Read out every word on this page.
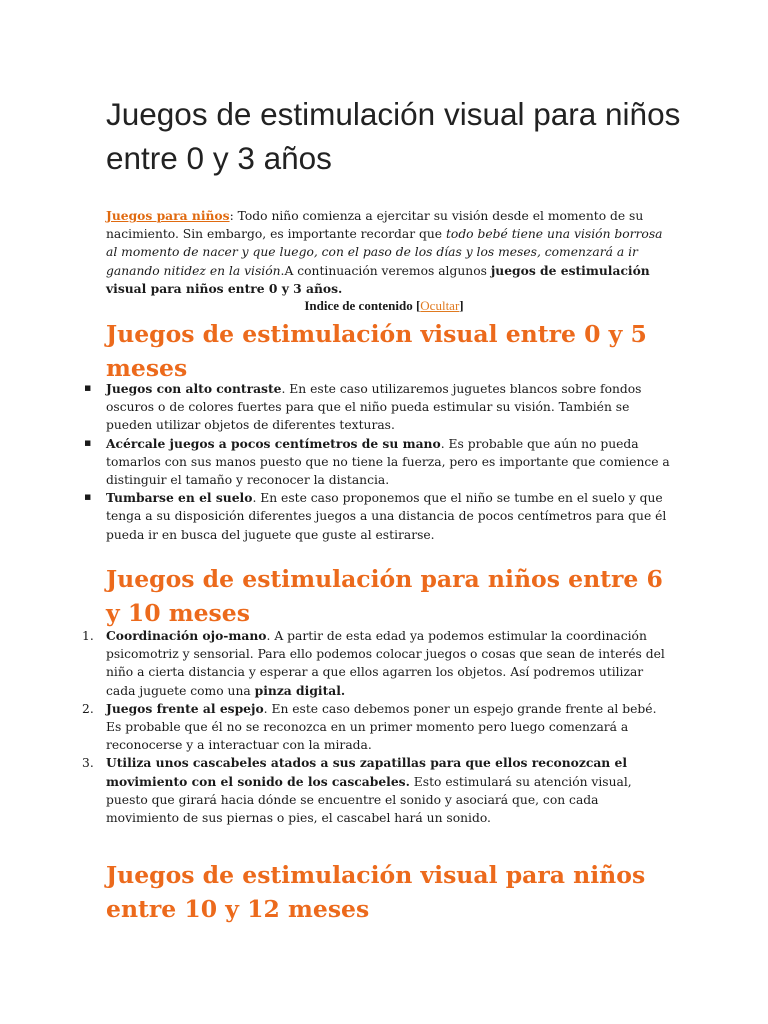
Juegos de estimulación visual para niños entre 0 y 3 años

Juegos para niños: Todo niño comienza a ejercitar su visión desde el momento de su nacimiento. Sin embargo, es importante recordar que todo bebé tiene una visión borrosa al momento de nacer y que luego, con el paso de los días y los meses, comenzará a ir ganando nitidez en la visión.A continuación veremos algunos juegos de estimulación visual para niños entre 0 y 3 años.

Indice de contenido [Ocultar]

Juegos de estimulación visual entre 0 y 5 meses
▪ Juegos con alto contraste. En este caso utilizaremos juguetes blancos sobre fondos oscuros o de colores fuertes para que el niño pueda estimular su visión. También se pueden utilizar objetos de diferentes texturas.
▪ Acércale juegos a pocos centímetros de su mano. Es probable que aún no pueda tomarlos con sus manos puesto que no tiene la fuerza, pero es importante que comience a distinguir el tamaño y reconocer la distancia.
▪ Tumbarse en el suelo. En este caso proponemos que el niño se tumbe en el suelo y que tenga a su disposición diferentes juegos a una distancia de pocos centímetros para que él pueda ir en busca del juguete que guste al estirarse.
Juegos de estimulación para niños entre 6 y 10 meses
1. Coordinación ojo-mano. A partir de esta edad ya podemos estimular la coordinación psicomotriz y sensorial. Para ello podemos colocar juegos o cosas que sean de interés del niño a cierta distancia y esperar a que ellos agarren los objetos. Así podremos utilizar cada juguete como una pinza digital.
2. Juegos frente al espejo. En este caso debemos poner un espejo grande frente al bebé. Es probable que él no se reconozca en un primer momento pero luego comenzará a reconocerse y a interactuar con la mirada.
3. Utiliza unos cascabeles atados a sus zapatillas para que ellos reconozcan el movimiento con el sonido de los cascabeles. Esto estimulará su atención visual, puesto que girará hacia dónde se encuentre el sonido y asociará que, con cada movimiento de sus piernas o pies, el cascabel hará un sonido.
Juegos de estimulación visual para niños entre 10 y 12 meses
